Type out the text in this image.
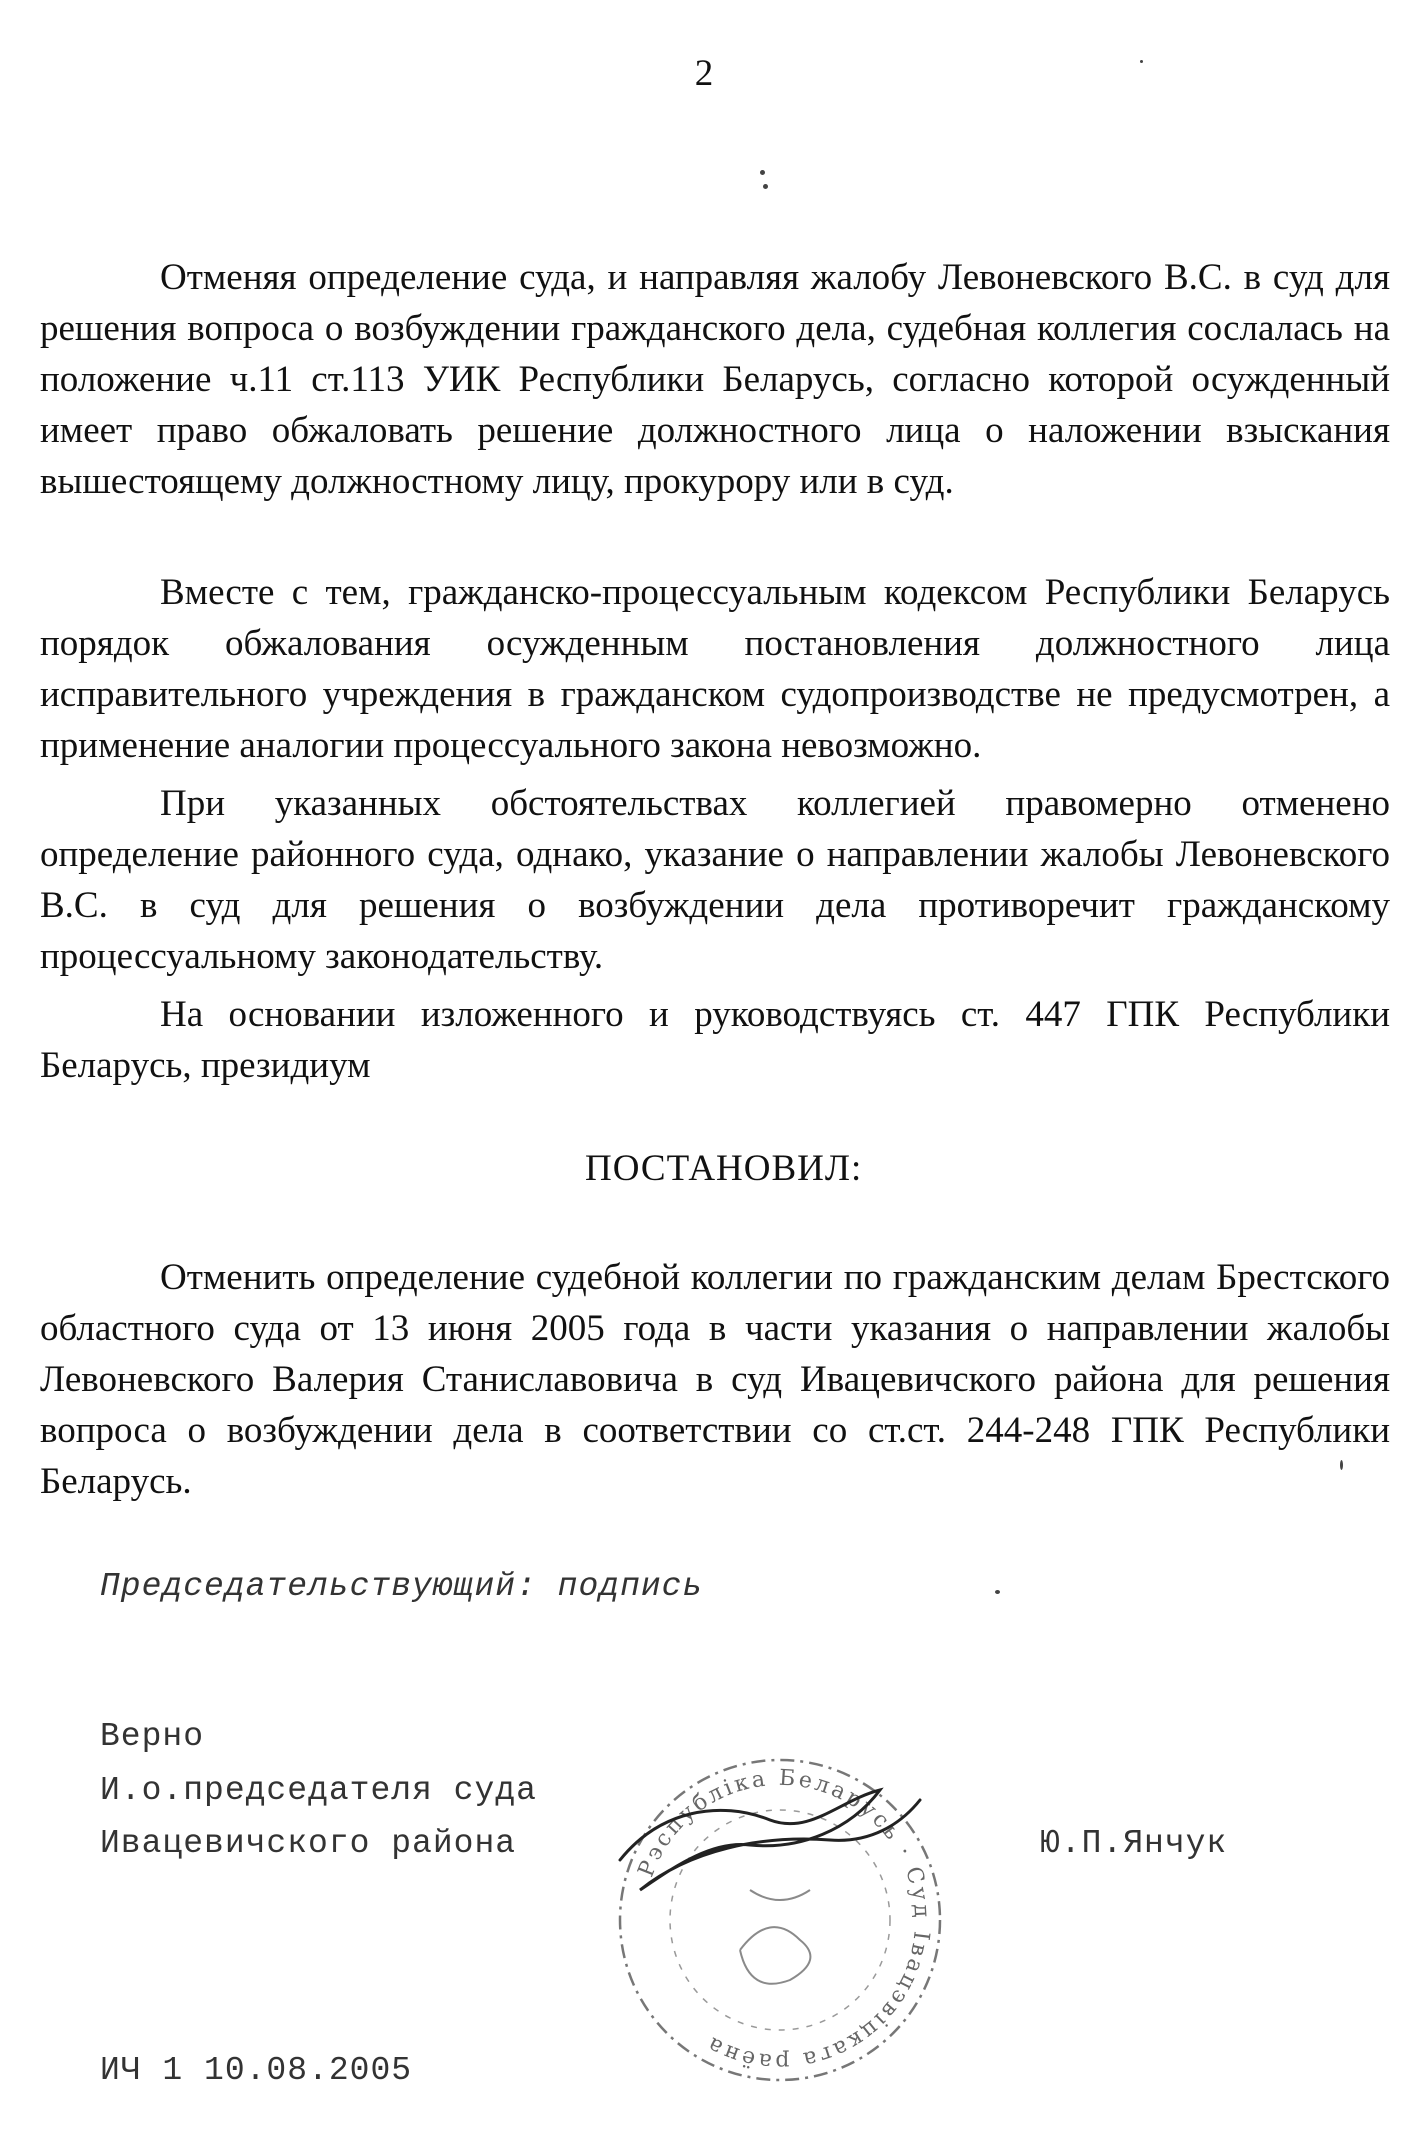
2

Отменяя определение суда, и направляя жалобу Левоневского В.С. в суд для решения вопроса о возбуждении гражданского дела, судебная коллегия сослалась на положение ч.11 ст.113 УИК Республики Беларусь, согласно которой осужденный имеет право обжаловать решение должностного лица о наложении взыскания вышестоящему должностному лицу, прокурору или в суд.

Вместе с тем, гражданско-процессуальным кодексом Республики Беларусь порядок обжалования осужденным постановления должностного лица исправительного учреждения в гражданском судопроизводстве не предусмотрен, а применение аналогии процессуального закона невозможно.

При указанных обстоятельствах коллегией правомерно отменено определение районного суда, однако, указание о направлении жалобы Левоневского В.С. в суд для решения о возбуждении дела противоречит гражданскому процессуальному законодательству.

На основании изложенного и руководствуясь ст. 447 ГПК Республики Беларусь, президиум

ПОСТАНОВИЛ:

Отменить определение судебной коллегии по гражданским делам Брестского областного суда от 13 июня 2005 года в части указания о направлении жалобы Левоневского Валерия Станиславовича в суд Ивацевичского района для решения вопроса о возбуждении дела в соответствии со ст.ст. 244-248 ГПК Республики Беларусь.

Председательствующий: подпись
Верно
И.о.председателя суда
Ивацевичского района	Ю.П.Янчук
Рэспубліка Беларусь · Суд Івацэвіцкага раёна
ИЧ 1 10.08.2005
